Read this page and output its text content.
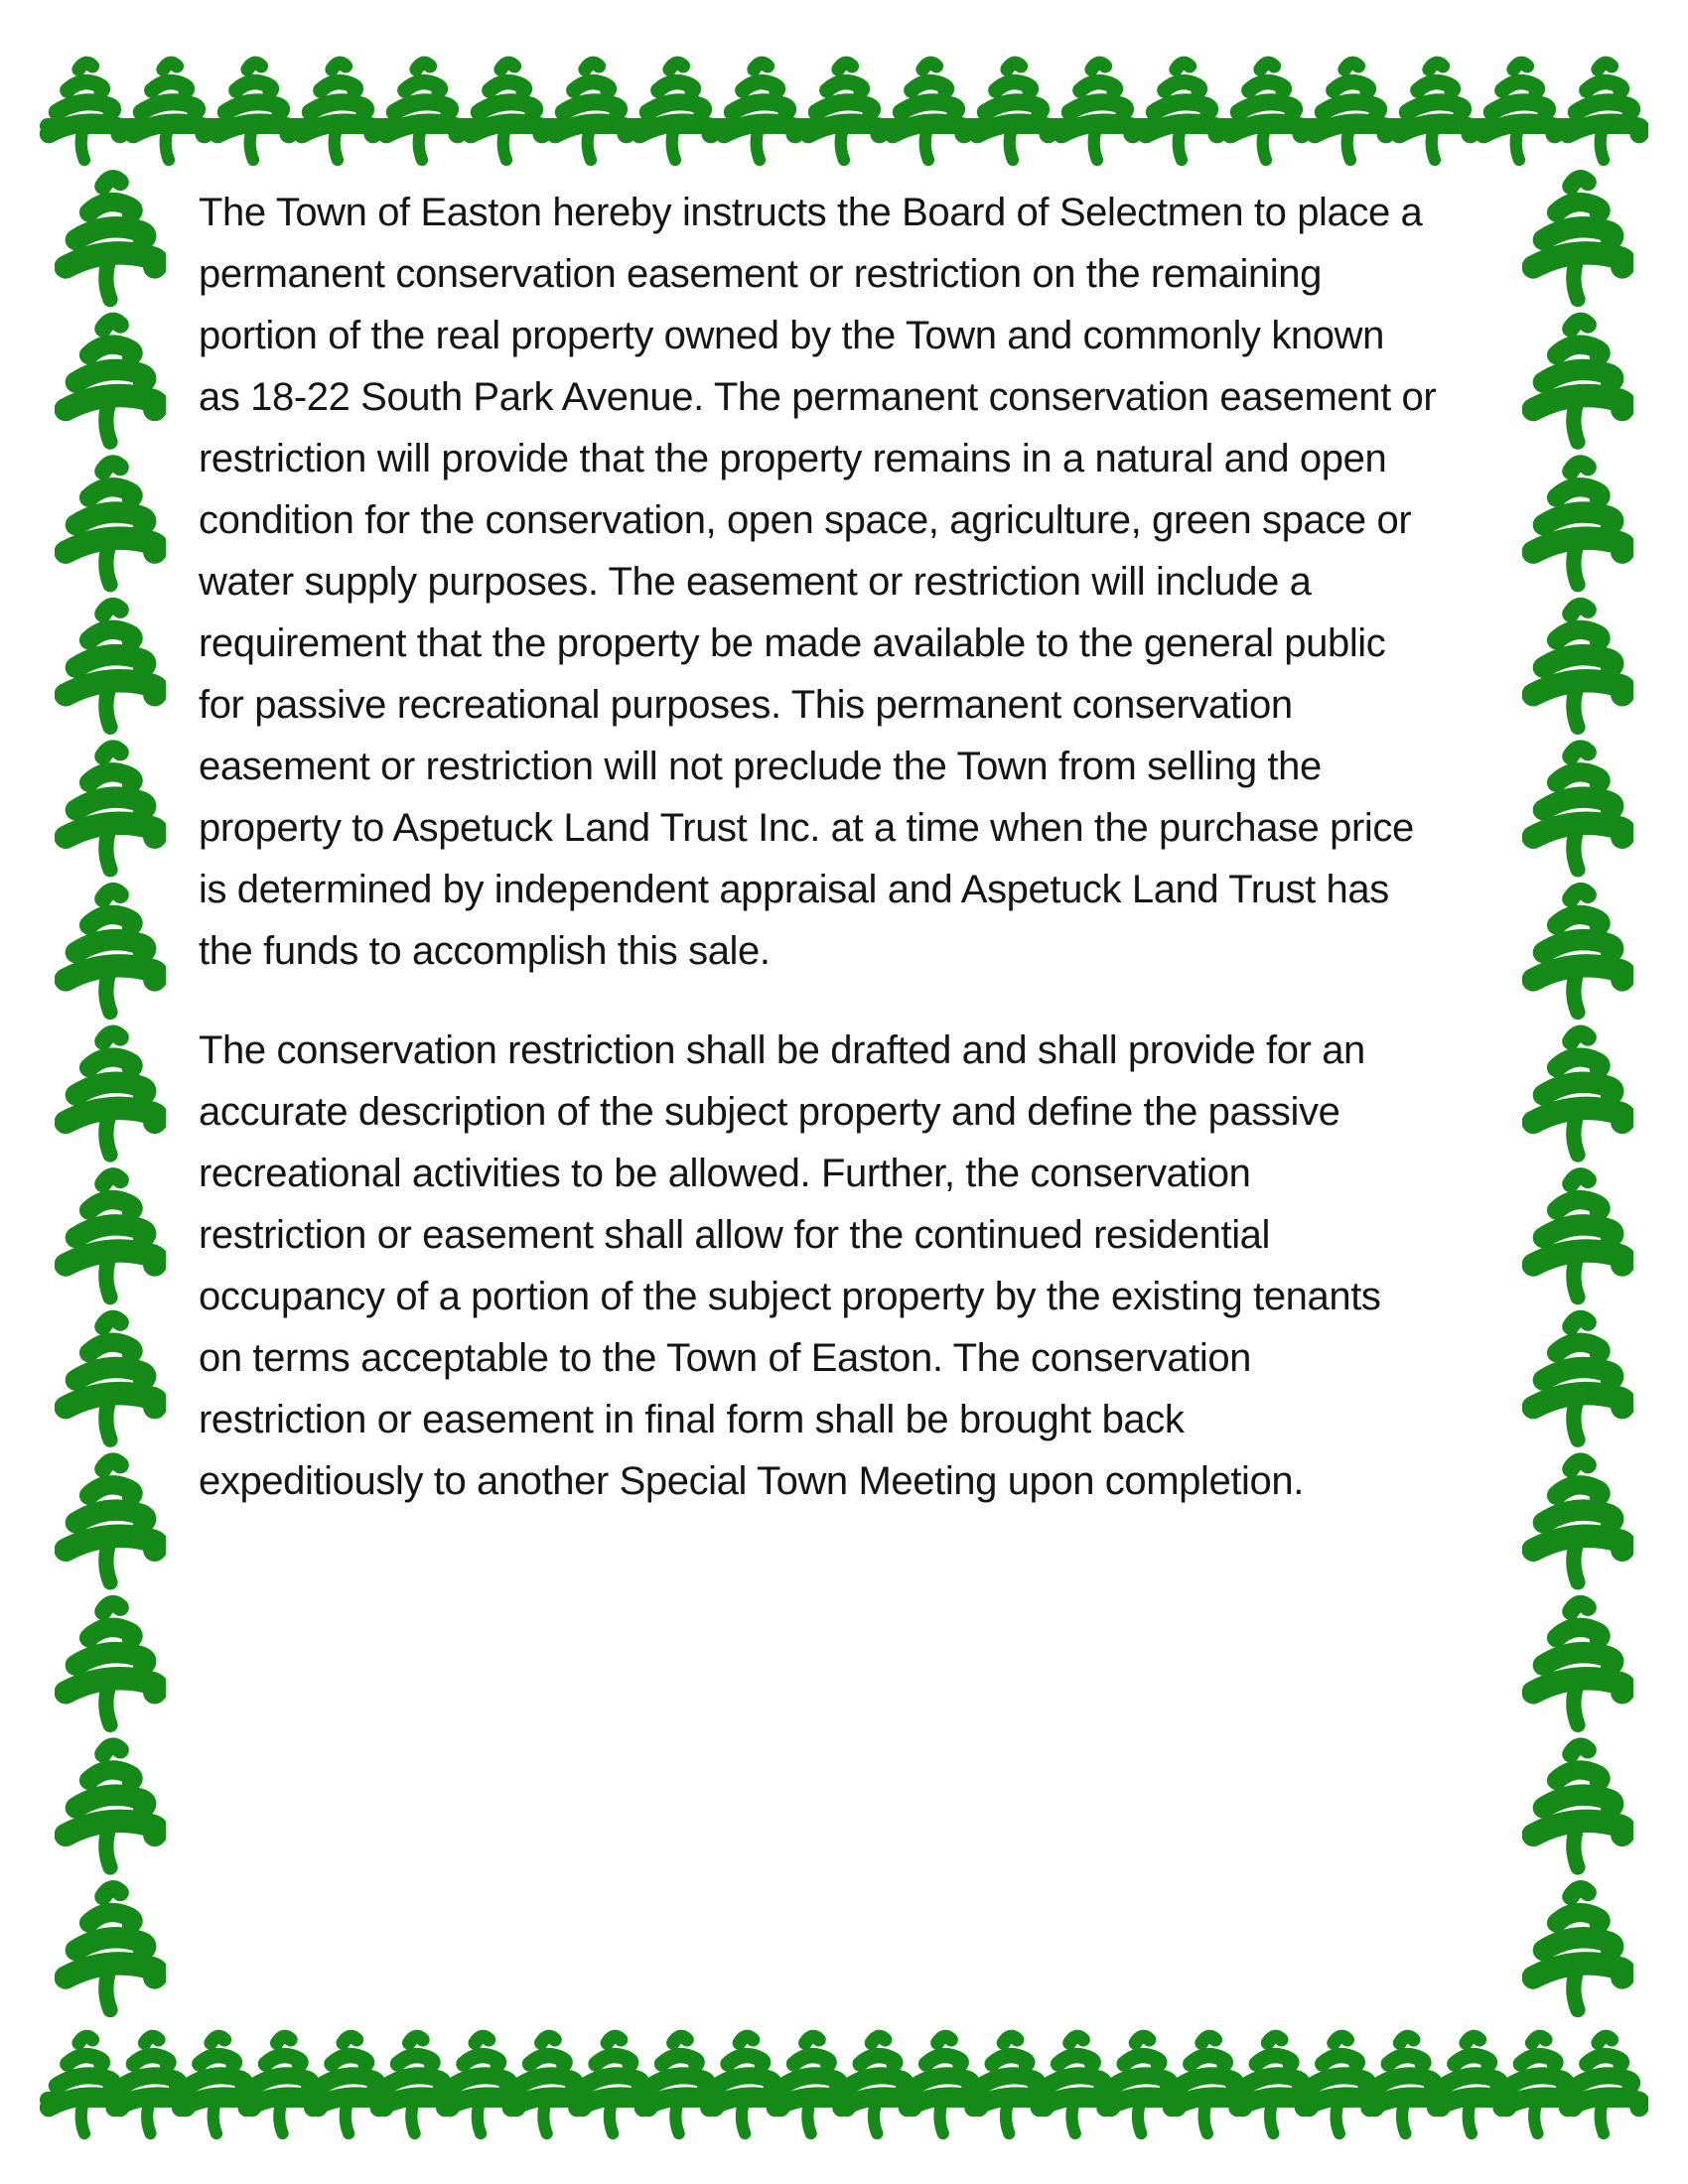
The Town of Easton hereby instructs the Board of Selectmen to place a
permanent conservation easement or restriction on the remaining
portion of the real property owned by the Town and commonly known
as 18-22 South Park Avenue. The permanent conservation easement or
restriction will provide that the property remains in a natural and open
condition for the conservation, open space, agriculture, green space or
water supply purposes. The easement or restriction will include a
requirement that the property be made available to the general public
for passive recreational purposes. This permanent conservation
easement or restriction will not preclude the Town from selling the
property to Aspetuck Land Trust Inc. at a time when the purchase price
is determined by independent appraisal and Aspetuck Land Trust has
the funds to accomplish this sale.

The conservation restriction shall be drafted and shall provide for an
accurate description of the subject property and define the passive
recreational activities to be allowed. Further, the conservation
restriction or easement shall allow for the continued residential
occupancy of a portion of the subject property by the existing tenants
on terms acceptable to the Town of Easton. The conservation
restriction or easement in final form shall be brought back
expeditiously to another Special Town Meeting upon completion.
